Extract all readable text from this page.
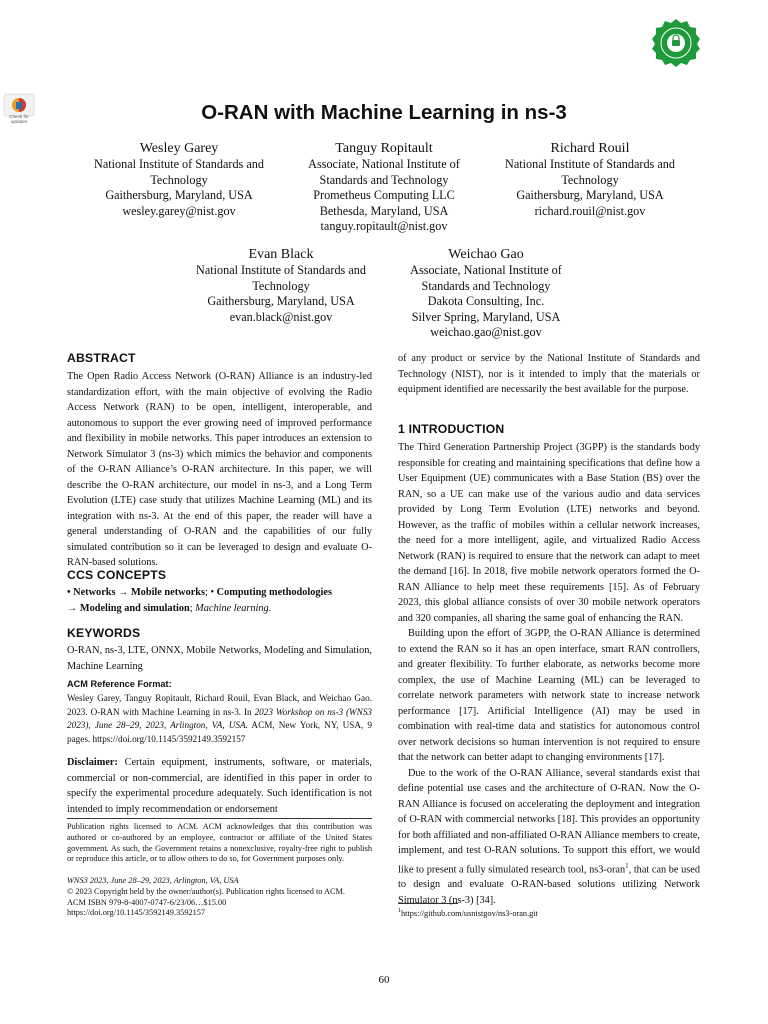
Check for updates	O-RAN with Machine Learning in ns-3
Wesley Garey
National Institute of Standards and
Technology
Gaithersburg, Maryland, USA
wesley.garey@nist.gov
Tanguy Ropitault
Associate, National Institute of
Standards and Technology
Prometheus Computing LLC
Bethesda, Maryland, USA
tanguy.ropitault@nist.gov
Richard Rouil
National Institute of Standards and
Technology
Gaithersburg, Maryland, USA
richard.rouil@nist.gov
Evan Black
National Institute of Standards and
Technology
Gaithersburg, Maryland, USA
evan.black@nist.gov
Weichao Gao
Associate, National Institute of
Standards and Technology
Dakota Consulting, Inc.
Silver Spring, Maryland, USA
weichao.gao@nist.gov
ABSTRACT

The Open Radio Access Network (O-RAN) Alliance is an industry-led standardization effort, with the main objective of evolving the Radio Access Network (RAN) to be open, intelligent, interoperable, and autonomous to support the ever growing need of improved performance and flexibility in mobile networks. This paper introduces an extension to Network Simulator 3 (ns-3) which mimics the behavior and components of the O-RAN Alliance’s O-RAN architecture. In this paper, we will describe the O-RAN architecture, our model in ns-3, and a Long Term Evolution (LTE) case study that utilizes Machine Learning (ML) and its integration with ns-3. At the end of this paper, the reader will have a general understanding of O-RAN and the capabilities of our fully simulated contribution so it can be leveraged to design and evaluate O-RAN-based solutions.

CCS CONCEPTS
• Networks → Mobile networks; • Computing methodologies
→ Modeling and simulation; Machine learning.
KEYWORDS
O-RAN, ns-3, LTE, ONNX, Mobile Networks, Modeling and Simulation, Machine Learning
ACM Reference Format:
Wesley Garey, Tanguy Ropitault, Richard Rouil, Evan Black, and Weichao Gao. 2023. O-RAN with Machine Learning in ns-3. In 2023 Workshop on ns-3 (WNS3 2023), June 28–29, 2023, Arlington, VA, USA. ACM, New York, NY, USA, 9 pages. https://doi.org/10.1145/3592149.3592157
Disclaimer: Certain equipment, instruments, software, or materials, commercial or non-commercial, are identified in this paper in order to specify the experimental procedure adequately. Such identification is not intended to imply recommendation or endorsement
Publication rights licensed to ACM. ACM acknowledges that this contribution was authored or co-authored by an employee, contractor or affiliate of the United States government. As such, the Government retains a nonexclusive, royalty-free right to publish or reproduce this article, or to allow others to do so, for Government purposes only.
WNS3 2023, June 28–29, 2023, Arlington, VA, USA
© 2023 Copyright held by the owner/author(s). Publication rights licensed to ACM.
ACM ISBN 979-8-4007-0747-6/23/06…$15.00
https://doi.org/10.1145/3592149.3592157
of any product or service by the National Institute of Standards and Technology (NIST), nor is it intended to imply that the materials or equipment identified are necessarily the best available for the purpose.
1 INTRODUCTION

The Third Generation Partnership Project (3GPP) is the standards body responsible for creating and maintaining specifications that define how a User Equipment (UE) communicates with a Base Station (BS) over the RAN, so a UE can make use of the various audio and data services provided by Long Term Evolution (LTE) networks and beyond. However, as the traffic of mobiles within a cellular network increases, the need for a more intelligent, agile, and virtualized Radio Access Network (RAN) is required to ensure that the network can adapt to meet the demand [16]. In 2018, five mobile network operators formed the O-RAN Alliance to help meet these requirements [15]. As of February 2023, this global alliance consists of over 30 mobile network operators and 320 companies, all sharing the same goal of enhancing the RAN.

Building upon the effort of 3GPP, the O-RAN Alliance is determined to extend the RAN so it has an open interface, smart RAN controllers, and greater flexibility. To further elaborate, as networks become more complex, the use of Machine Learning (ML) can be leveraged to correlate network parameters with network state to increase network performance [17]. Artificial Intelligence (AI) may be used in combination with real-time data and statistics for autonomous control over network decisions so human intervention is not required to ensure that the network can better adapt to changing environments [17].

Due to the work of the O-RAN Alliance, several standards exist that define potential use cases and the architecture of O-RAN. Now the O-RAN Alliance is focused on accelerating the deployment and integration of O-RAN with commercial networks [18]. This provides an opportunity for both affiliated and non-affiliated O-RAN Alliance members to create, implement, and test O-RAN solutions. To support this effort, we would like to present a fully simulated research tool, ns3-oran$^1$, that can be used to design and evaluate O-RAN-based solutions utilizing Network Simulator 3 (ns-3) [34].

$^1$https://github.com/usnistgov/ns3-oran.git
60
